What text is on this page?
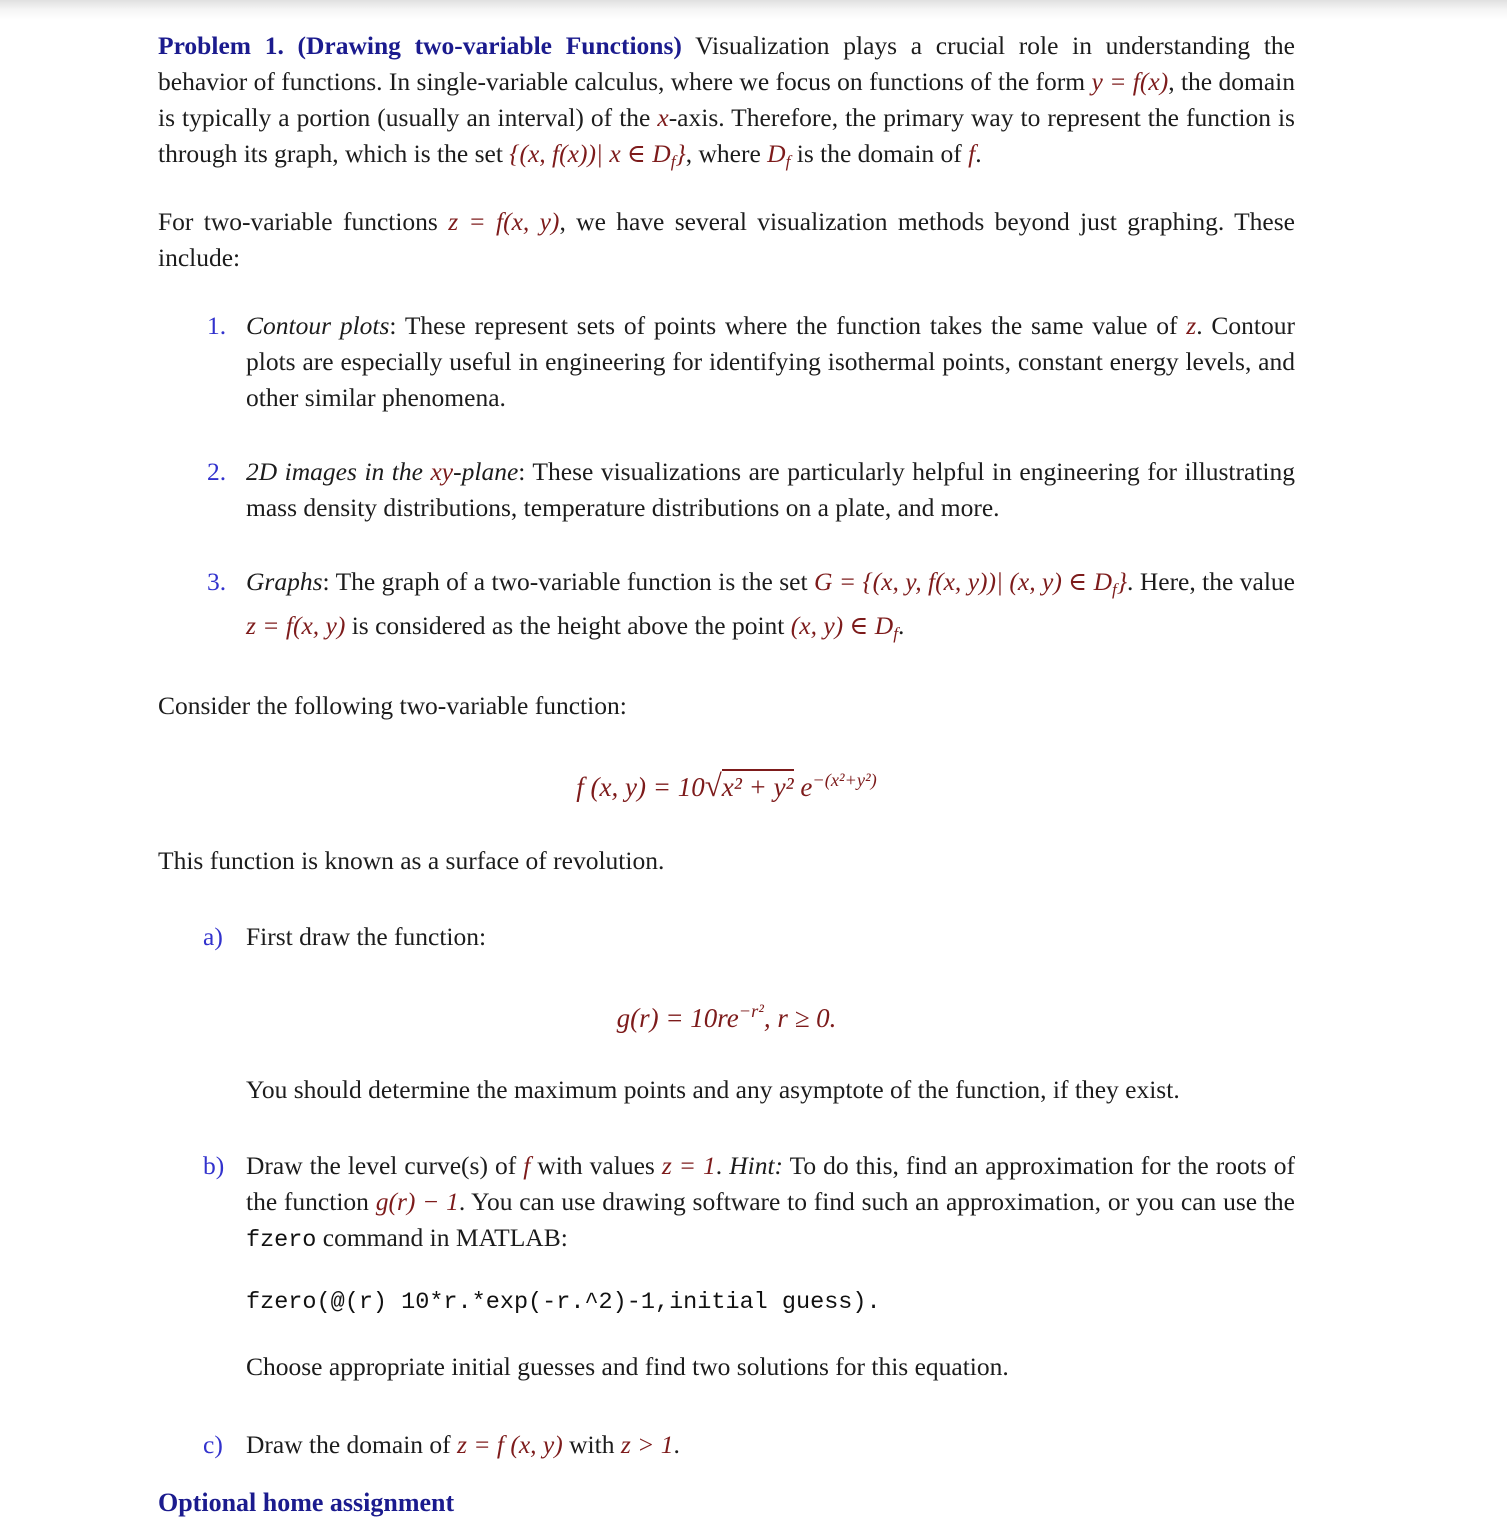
Problem 1. (Drawing two-variable Functions) Visualization plays a crucial role in understanding the behavior of functions. In single-variable calculus, where we focus on functions of the form y = f(x), the domain is typically a portion (usually an interval) of the x-axis. Therefore, the primary way to represent the function is through its graph, which is the set {(x, f(x))| x ∈ Df}, where Df is the domain of f.
For two-variable functions z = f(x, y), we have several visualization methods beyond just graphing. These include:
1. Contour plots: These represent sets of points where the function takes the same value of z. Contour plots are especially useful in engineering for identifying isothermal points, constant energy levels, and other similar phenomena.
2. 2D images in the xy-plane: These visualizations are particularly helpful in engineering for illustrating mass density distributions, temperature distributions on a plate, and more.
3. Graphs: The graph of a two-variable function is the set G = {(x, y, f(x, y))| (x, y) ∈ Df}. Here, the value z = f(x, y) is considered as the height above the point (x, y) ∈ Df.
Consider the following two-variable function:
f (x, y) = 10√x² + y² $e^{-(x^2+y^2)}$
This function is known as a surface of revolution.
a) First draw the function:
$g(r) = 10re^{-r^2}$, r ≥ 0.
You should determine the maximum points and any asymptote of the function, if they exist.
b) Draw the level curve(s) of f with values z = 1. Hint: To do this, find an approximation for the roots of the function g(r) − 1. You can use drawing software to find such an approximation, or you can use the fzero command in MATLAB:
fzero(@(r) 10*r.*exp(-r.^2)-1,initial guess).
Choose appropriate initial guesses and find two solutions for this equation.
c) Draw the domain of z = f (x, y) with z > 1.
Optional home assignment
